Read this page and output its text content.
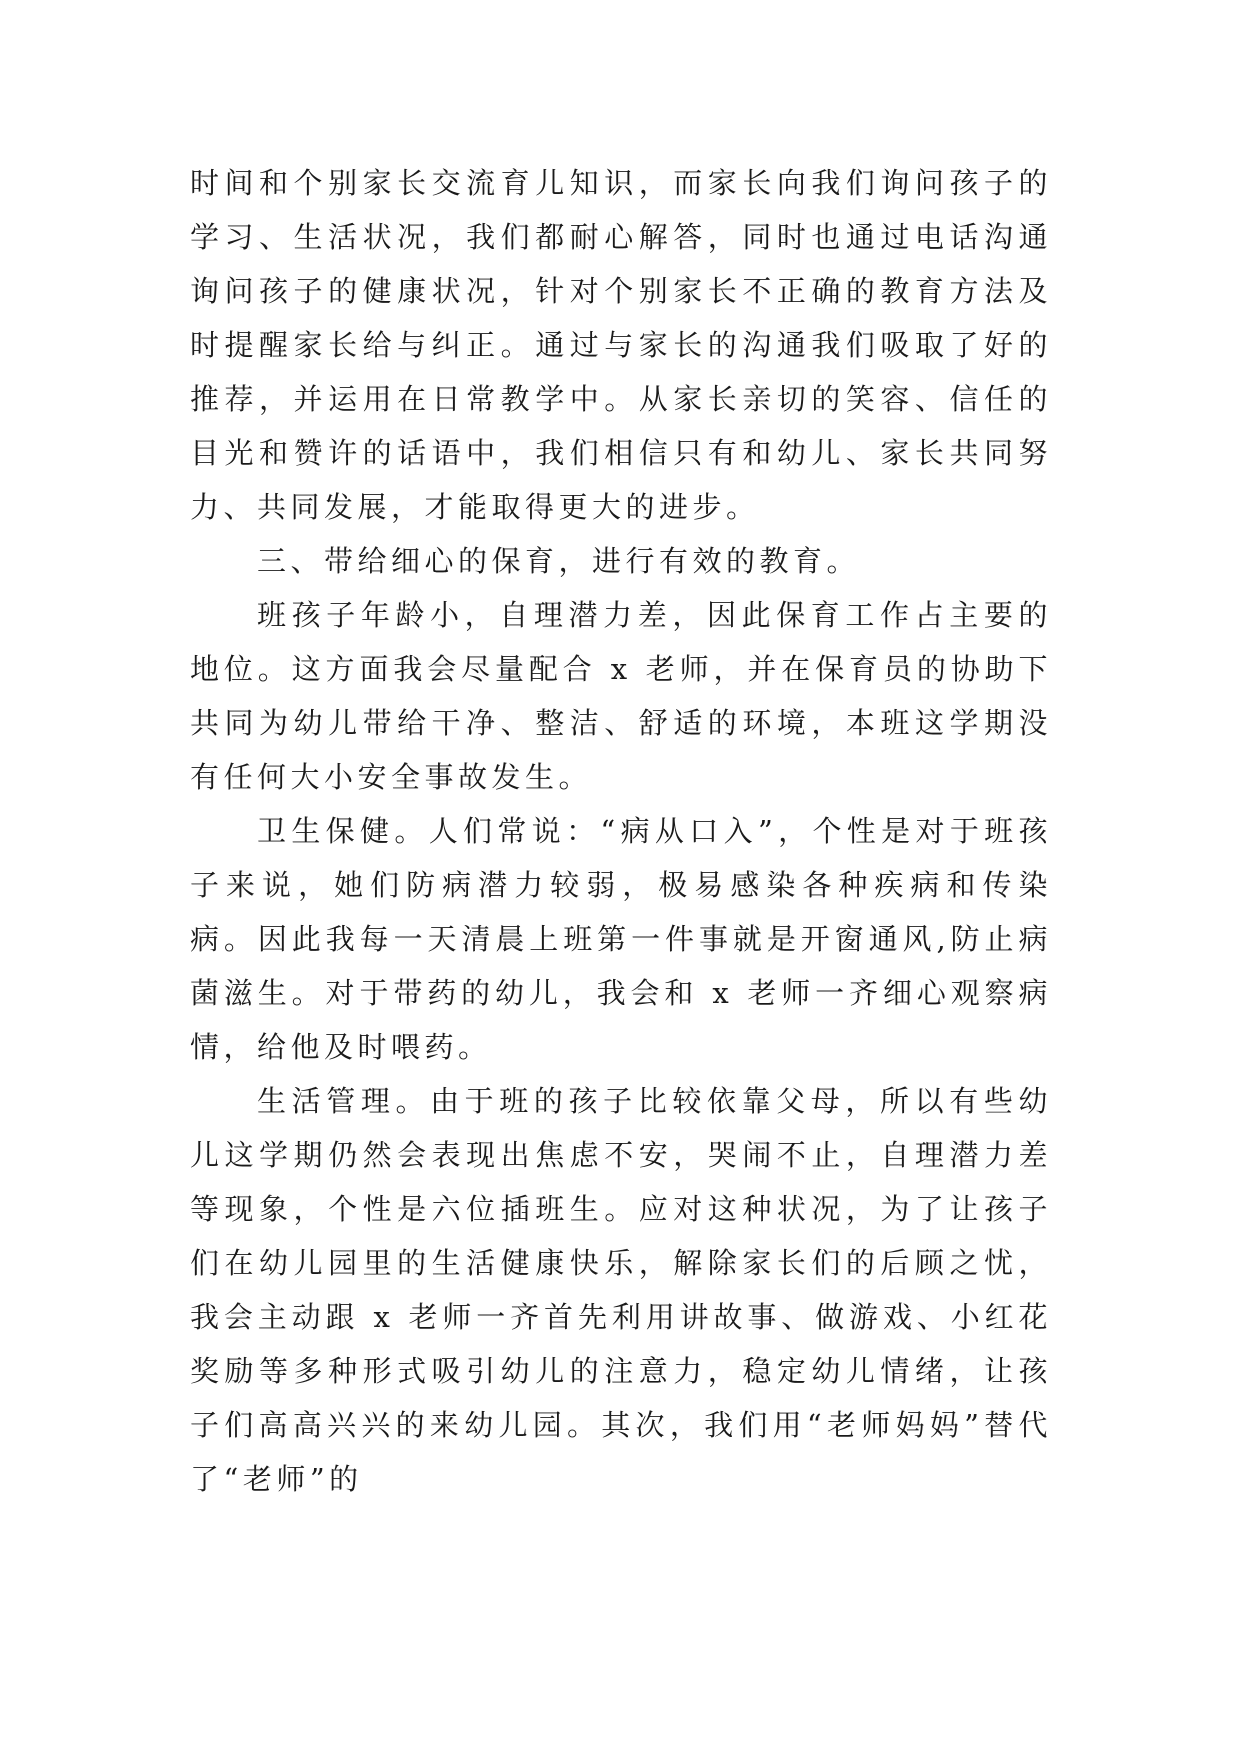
时间和个别家长交流育儿知识，而家长向我们询问孩子的学习、生活状况，我们都耐心解答，同时也通过电话沟通询问孩子的健康状况，针对个别家长不正确的教育方法及时提醒家长给与纠正。通过与家长的沟通我们吸取了好的推荐，并运用在日常教学中。从家长亲切的笑容、信任的目光和赞许的话语中，我们相信只有和幼儿、家长共同努力、共同发展，才能取得更大的进步。

三、带给细心的保育，进行有效的教育。

班孩子年龄小，自理潜力差，因此保育工作占主要的地位。这方面我会尽量配合 x 老师，并在保育员的协助下共同为幼儿带给干净、整洁、舒适的环境，本班这学期没有任何大小安全事故发生。

卫生保健。人们常说：“病从口入”，个性是对于班孩子来说，她们防病潜力较弱，极易感染各种疾病和传染病。因此我每一天清晨上班第一件事就是开窗通风,防止病菌滋生。对于带药的幼儿，我会和 x 老师一齐细心观察病情，给他及时喂药。

生活管理。由于班的孩子比较依靠父母，所以有些幼儿这学期仍然会表现出焦虑不安，哭闹不止，自理潜力差等现象，个性是六位插班生。应对这种状况，为了让孩子们在幼儿园里的生活健康快乐，解除家长们的后顾之忧，我会主动跟 x 老师一齐首先利用讲故事、做游戏、小红花奖励等多种形式吸引幼儿的注意力，稳定幼儿情绪，让孩子们高高兴兴的来幼儿园。其次，我们用“老师妈妈”替代了“老师”的
